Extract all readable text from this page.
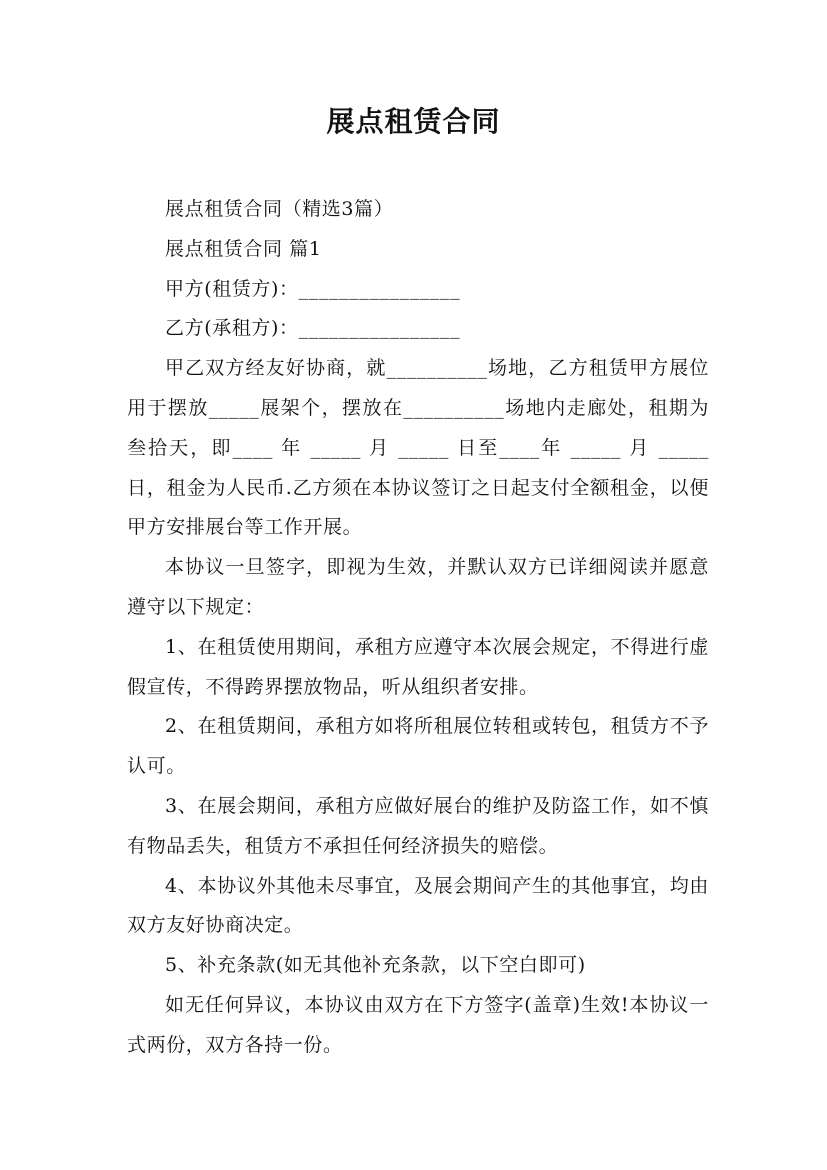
展点租赁合同

展点租赁合同（精选3篇）

展点租赁合同 篇1

甲方(租赁方)：________________

乙方(承租方)：________________

甲乙双方经友好协商，就__________场地，乙方租赁甲方展位用于摆放_____展架个，摆放在__________场地内走廊处，租期为叁拾天，即____ 年 _____ 月 _____ 日至____年 _____ 月 _____ 日，租金为人民币.乙方须在本协议签订之日起支付全额租金，以便甲方安排展台等工作开展。

本协议一旦签字，即视为生效，并默认双方已详细阅读并愿意遵守以下规定：

1、在租赁使用期间，承租方应遵守本次展会规定，不得进行虚假宣传，不得跨界摆放物品，听从组织者安排。

2、在租赁期间，承租方如将所租展位转租或转包，租赁方不予认可。

3、在展会期间，承租方应做好展台的维护及防盗工作，如不慎有物品丢失，租赁方不承担任何经济损失的赔偿。

4、本协议外其他未尽事宜，及展会期间产生的其他事宜，均由双方友好协商决定。

5、补充条款(如无其他补充条款，以下空白即可)

如无任何异议，本协议由双方在下方签字(盖章)生效!本协议一式两份，双方各持一份。
